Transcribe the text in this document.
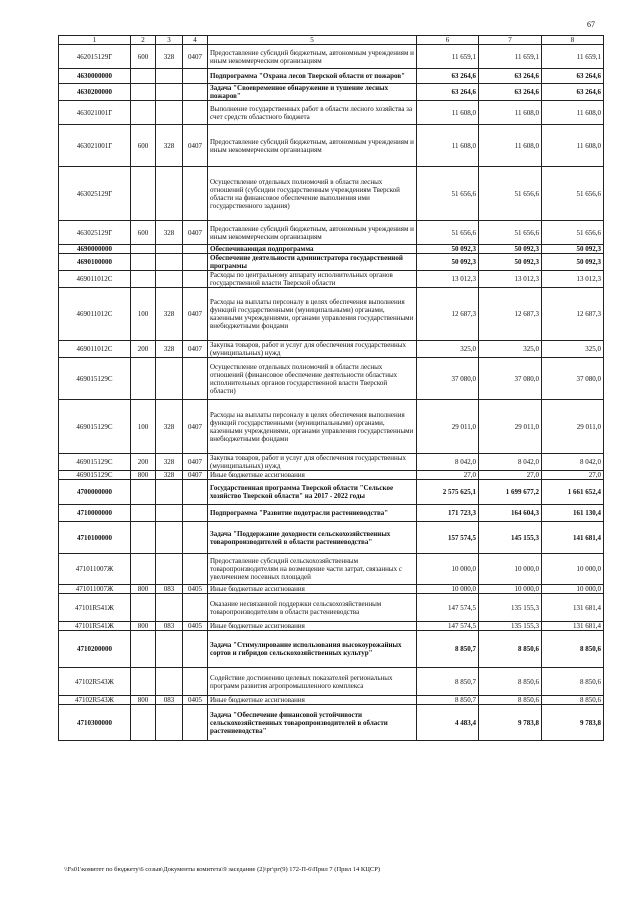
67
1	2	3	4	5	6	7	8
462015129Г	600	328	0407	Предоставление субсидий бюджетным, автономным учреждениям и иным некоммерческим организациям	11 659,1	11 659,1	11 659,1
4630000000				Подпрограмма "Охрана лесов Тверской области от пожаров"	63 264,6	63 264,6	63 264,6
4630200000				Задача "Своевременное обнаружение и тушение лесных пожаров"	63 264,6	63 264,6	63 264,6
463021001Г				Выполнение государственных работ в области лесного хозяйства за счет средств областного бюджета	11 608,0	11 608,0	11 608,0
463021001Г	600	328	0407	Предоставление субсидий бюджетным, автономным учреждениям и иным некоммерческим организациям	11 608,0	11 608,0	11 608,0
463025129Г				Осуществление отдельных полномочий в области лесных отношений (субсидии государственным учреждениям Тверской области на финансовое обеспечение выполнения ими государственного задания)	51 656,6	51 656,6	51 656,6
463025129Г	600	328	0407	Предоставление субсидий бюджетным, автономным учреждениям и иным некоммерческим организациям	51 656,6	51 656,6	51 656,6
4690000000				Обеспечивающая подпрограмма	50 092,3	50 092,3	50 092,3
4690100000				Обеспечение деятельности администратора государственной программы	50 092,3	50 092,3	50 092,3
469011012С				Расходы по центральному аппарату исполнительных органов государственной власти Тверской области	13 012,3	13 012,3	13 012,3
469011012С	100	328	0407	Расходы на выплаты персоналу в целях обеспечения выполнения функций государственными (муниципальными) органами, казенными учреждениями, органами управления государственными внебюджетными фондами	12 687,3	12 687,3	12 687,3
469011012С	200	328	0407	Закупка товаров, работ и услуг для обеспечения государственных (муниципальных) нужд	325,0	325,0	325,0
469015129С				Осуществление отдельных полномочий в области лесных отношений (финансовое обеспечение деятельности областных исполнительных органов государственной власти Тверской области)	37 080,0	37 080,0	37 080,0
469015129С	100	328	0407	Расходы на выплаты персоналу в целях обеспечения выполнения функций государственными (муниципальными) органами, казенными учреждениями, органами управления государственными внебюджетными фондами	29 011,0	29 011,0	29 011,0
469015129С	200	328	0407	Закупка товаров, работ и услуг для обеспечения государственных (муниципальных) нужд	8 042,0	8 042,0	8 042,0
469015129С	800	328	0407	Иные бюджетные ассигнования	27,0	27,0	27,0
4700000000				Государственная программа Тверской области "Сельское хозяйство Тверской области" на 2017 - 2022 годы	2 575 625,1	1 699 677,2	1 661 652,4
4710000000				Подпрограмма "Развитие подотрасли растениеводства"	171 723,3	164 604,3	161 130,4
4710100000				Задача "Поддержание доходности сельскохозяйственных товаропроизводителей в области растениеводства"	157 574,5	145 155,3	141 681,4
471011007Ж				Предоставление субсидий сельскохозяйственным товаропроизводителям на возмещение части затрат, связанных с увеличением посевных площадей	10 000,0	10 000,0	10 000,0
471011007Ж	800	083	0405	Иные бюджетные ассигнования	10 000,0	10 000,0	10 000,0
47101R541Ж				Оказание несвязанной поддержки сельскохозяйственным товаропроизводителям в области растениеводства	147 574,5	135 155,3	131 681,4
47101R541Ж	800	083	0405	Иные бюджетные ассигнования	147 574,5	135 155,3	131 681,4
4710200000				Задача "Стимулирование использования высокоурожайных сортов и гибридов сельскохозяйственных культур"	8 850,7	8 850,6	8 850,6
47102R543Ж				Содействие достижению целевых показателей региональных программ развития агропромышленного комплекса	8 850,7	8 850,6	8 850,6
47102R543Ж	800	083	0405	Иные бюджетные ассигнования	8 850,7	8 850,6	8 850,6
4710300000				Задача "Обеспечение финансовой устойчивости сельскохозяйственных товаропроизводителей в области растениеводства"	4 483,4	9 783,8	9 783,8
\\Fs01\комитет по бюджету\6 созыв\Документы комитета\9 заседание (2)\рг\рг(9) 172-П-6\Прил 7 (Прил 14 КЦСР)
